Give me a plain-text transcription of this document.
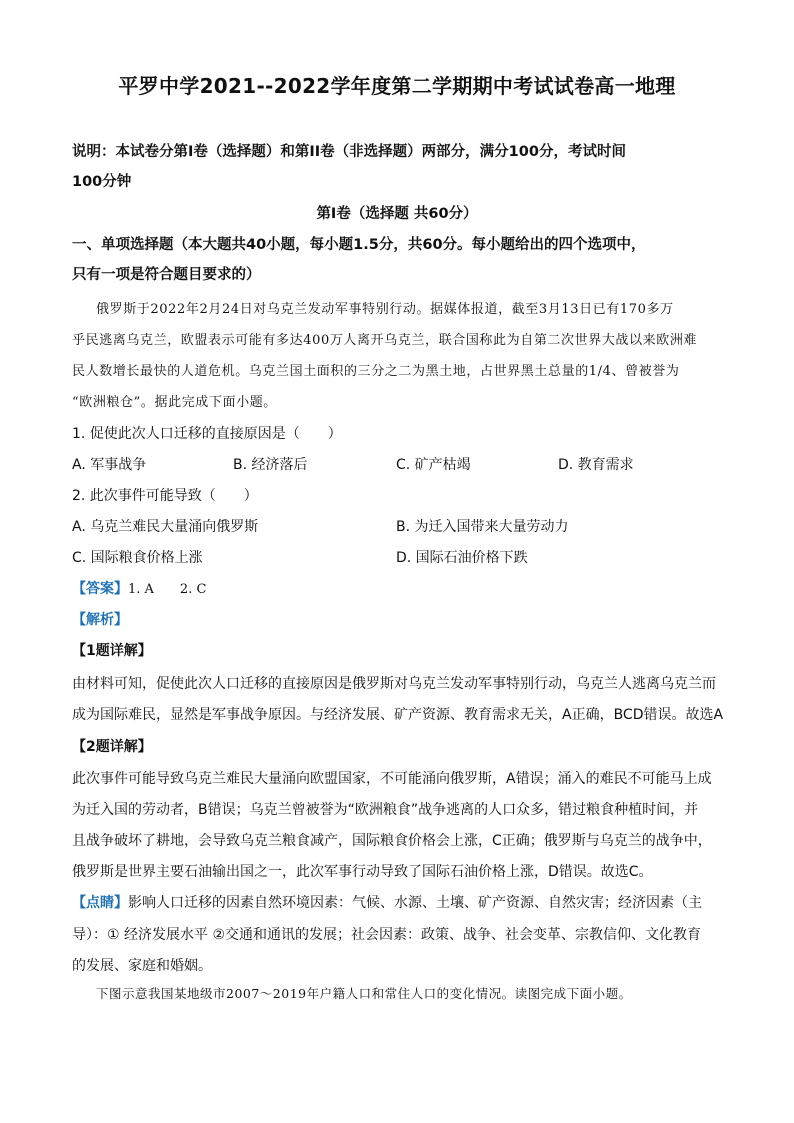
平罗中学2021--2022学年度第二学期期中考试试卷高一地理
说明：本试卷分第I卷（选择题）和第II卷（非选择题）两部分，满分100分，考试时间
100分钟
第I卷（选择题 共60分）
一、单项选择题（本大题共40小题，每小题1.5分，共60分。每小题给出的四个选项中，
只有一项是符合题目要求的）
俄罗斯于2022年2月24日对乌克兰发动军事特别行动。据媒体报道，截至3月13日已有170多万
乎民逃离乌克兰，欧盟表示可能有多达400万人离开乌克兰，联合国称此为自第二次世界大战以来欧洲难
民人数增长最快的人道危机。乌克兰国土面积的三分之二为黑土地，占世界黑土总量的1/4、曾被誉为
“欧洲粮仓”。据此完成下面小题。
1. 促使此次人口迁移的直接原因是（　　）
A. 军事战争	B. 经济落后	C. 矿产枯竭	D. 教育需求
2. 此次事件可能导致（　　）
A. 乌克兰难民大量涌向俄罗斯	B. 为迁入国带来大量劳动力
C. 国际粮食价格上涨	D. 国际石油价格下跌
【答案】1. A　　2. C
【解析】
【1题详解】
由材料可知，促使此次人口迁移的直接原因是俄罗斯对乌克兰发动军事特别行动，乌克兰人逃离乌克兰而
成为国际难民，显然是军事战争原因。与经济发展、矿产资源、教育需求无关，A正确，BCD错误。故选A
【2题详解】
此次事件可能导致乌克兰难民大量涌向欧盟国家，不可能涌向俄罗斯，A错误；涌入的难民不可能马上成
为迁入国的劳动者，B错误；乌克兰曾被誉为“欧洲粮食”战争逃离的人口众多，错过粮食种植时间，并
且战争破坏了耕地，会导致乌克兰粮食减产，国际粮食价格会上涨，C正确；俄罗斯与乌克兰的战争中，
俄罗斯是世界主要石油输出国之一，此次军事行动导致了国际石油价格上涨，D错误。故选C。
【点睛】影响人口迁移的因素自然环境因素：气候、水源、土壤、矿产资源、自然灾害；经济因素（主
导）：① 经济发展水平 ②交通和通讯的发展；社会因素：政策、战争、社会变革、宗教信仰、文化教育
的发展、家庭和婚姻。
下图示意我国某地级市2007～2019年户籍人口和常住人口的变化情况。读图完成下面小题。
